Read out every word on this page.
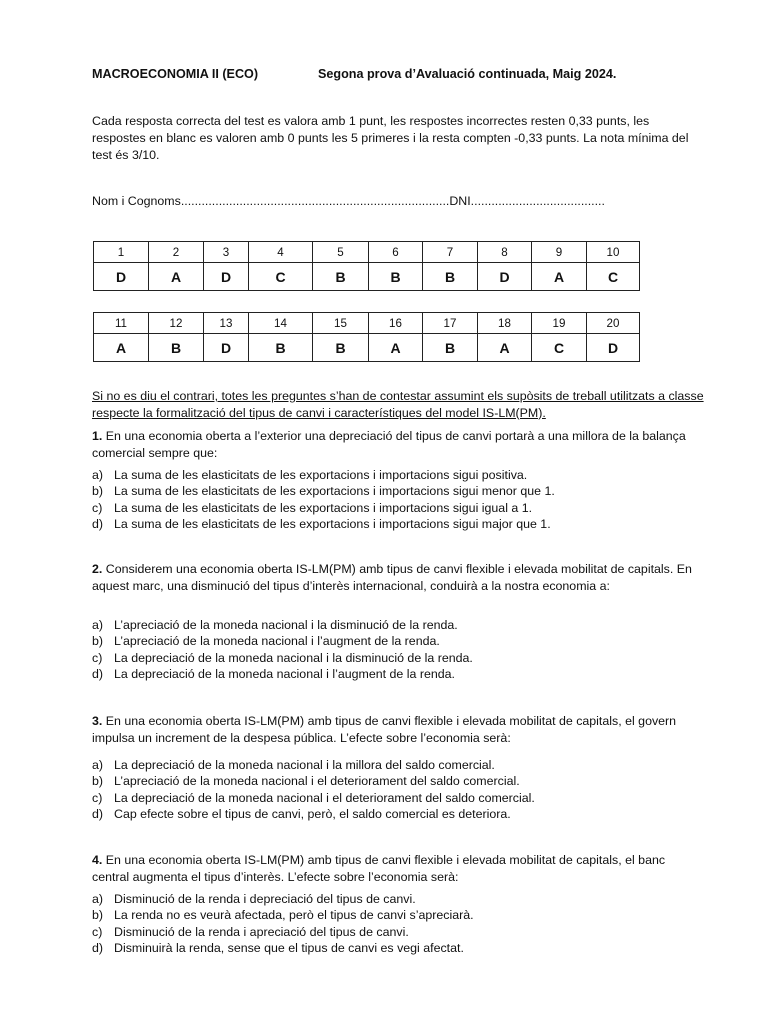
MACROECONOMIA II (ECO)	Segona prova d’Avaluació continuada, Maig 2024.
Cada resposta correcta del test es valora amb 1 punt, les respostes incorrectes resten 0,33 punts, les respostes en blanc es valoren amb 0 punts les 5 primeres i la resta compten -0,33 punts. La nota mínima del test és 3/10.
Nom i Cognoms..............................................................................DNI.......................................
1	2	3	4	5	6	7	8	9	10
D	A	D	C	B	B	B	D	A	C
11	12	13	14	15	16	17	18	19	20
A	B	D	B	B	A	B	A	C	D
Si no es diu el contrari, totes les preguntes s’han de contestar assumint els supòsits de treball utilitzats a classe respecte la formalització del tipus de canvi i característiques del model IS-LM(PM).
1. En una economia oberta a l’exterior una depreciació del tipus de canvi portarà a una millora de la balança comercial sempre que:
a) La suma de les elasticitats de les exportacions i importacions sigui positiva.
b) La suma de les elasticitats de les exportacions i importacions sigui menor que 1.
c) La suma de les elasticitats de les exportacions i importacions sigui igual a 1.
d) La suma de les elasticitats de les exportacions i importacions sigui major que 1.
2. Considerem una economia oberta IS-LM(PM) amb tipus de canvi flexible i elevada mobilitat de capitals. En aquest marc, una disminució del tipus d’interès internacional, conduirà a la nostra economia a:
a) L’apreciació de la moneda nacional i la disminució de la renda.
b) L’apreciació de la moneda nacional i l’augment de la renda.
c) La depreciació de la moneda nacional i la disminució de la renda.
d) La depreciació de la moneda nacional i l’augment de la renda.
3. En una economia oberta IS-LM(PM) amb tipus de canvi flexible i elevada mobilitat de capitals, el govern impulsa un increment de la despesa pública. L’efecte sobre l’economia serà:
a) La depreciació de la moneda nacional i la millora del saldo comercial.
b) L’apreciació de la moneda nacional i el deteriorament del saldo comercial.
c) La depreciació de la moneda nacional i el deteriorament del saldo comercial.
d) Cap efecte sobre el tipus de canvi, però, el saldo comercial es deteriora.
4. En una economia oberta IS-LM(PM) amb tipus de canvi flexible i elevada mobilitat de capitals, el banc central augmenta el tipus d’interès. L’efecte sobre l’economia serà:
a) Disminució de la renda i depreciació del tipus de canvi.
b) La renda no es veurà afectada, però el tipus de canvi s’apreciarà.
c) Disminució de la renda i apreciació del tipus de canvi.
d) Disminuirà la renda, sense que el tipus de canvi es vegi afectat.
